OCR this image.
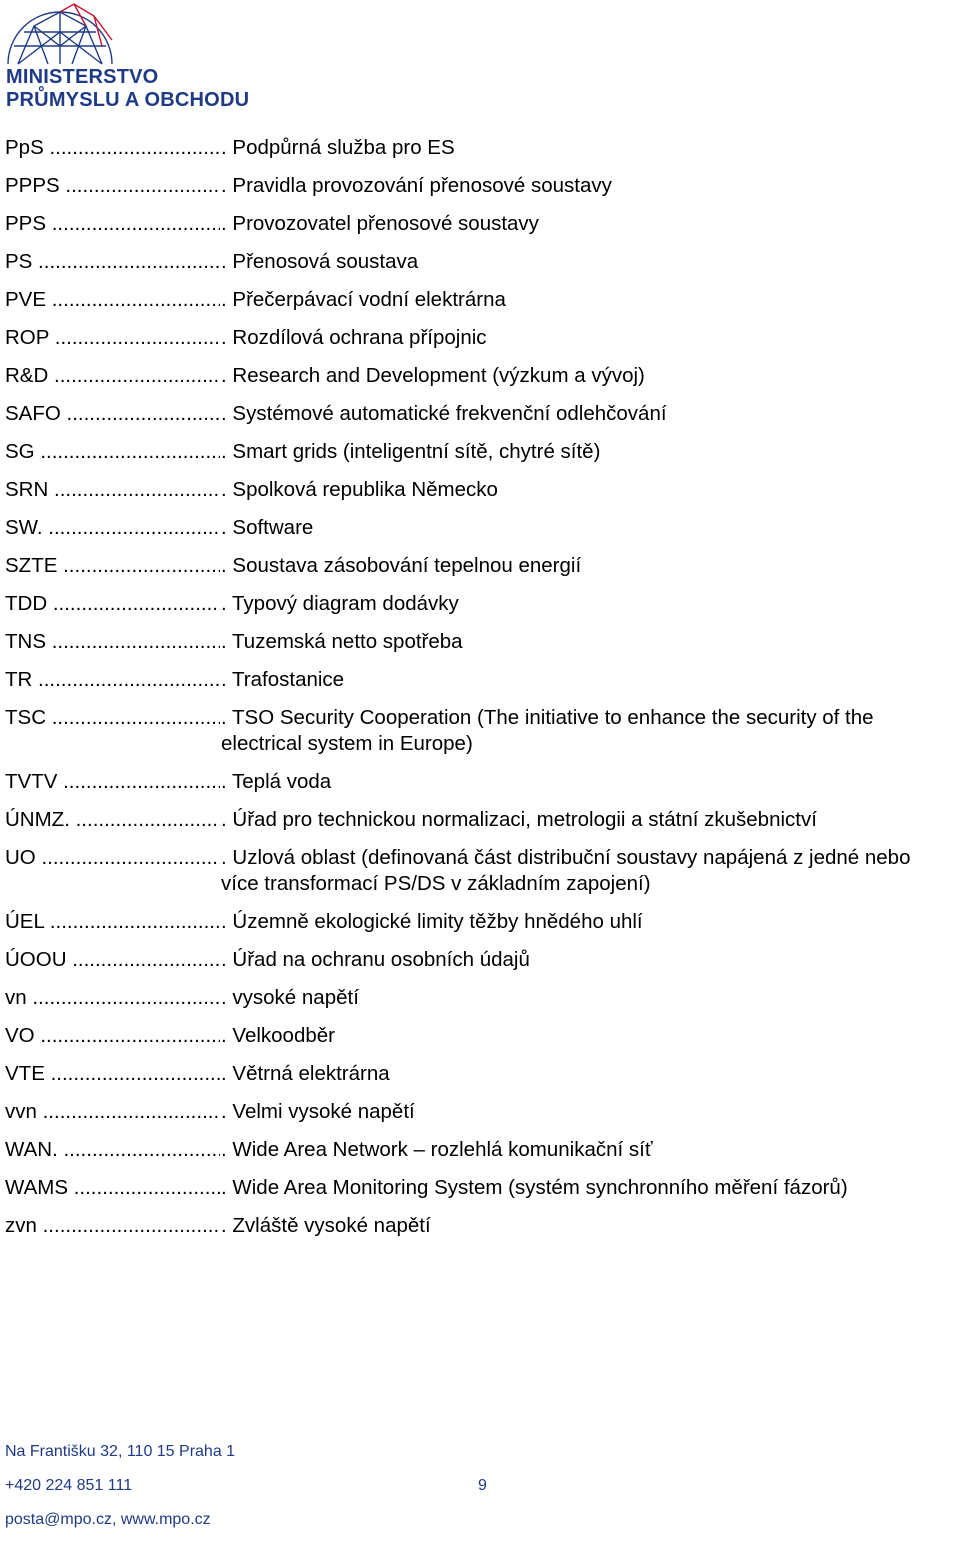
MINISTERSTVO
PRŮMYSLU A OBCHODU
PpS .....	. Podpůrná služba pro ES
PPPS .....	. Pravidla provozování přenosové soustavy
PPS .....	. Provozovatel přenosové soustavy
PS .....	. Přenosová soustava
PVE .....	. Přečerpávací vodní elektrárna
ROP .....	. Rozdílová ochrana přípojnic
R&D .....	. Research and Development (výzkum a vývoj)
SAFO .....	. Systémové automatické frekvenční odlehčování
SG .....	. Smart grids (inteligentní sítě, chytré sítě)
SRN .....	. Spolková republika Německo
SW. .....	. Software
SZTE .....	. Soustava zásobování tepelnou energií
TDD .....	. Typový diagram dodávky
TNS .....	. Tuzemská netto spotřeba
TR .....	. Trafostanice
TSC .....	. TSO Security Cooperation (The initiative to enhance the security of the electrical system in Europe)
TVTV .....	. Teplá voda
ÚNMZ. .....	. Úřad pro technickou normalizaci, metrologii a státní zkušebnictví
UO .....	. Uzlová oblast (definovaná část distribuční soustavy napájená z jedné nebo více transformací PS/DS v základním zapojení)
ÚEL .....	. Územně ekologické limity těžby hnědého uhlí
ÚOOU .....	. Úřad na ochranu osobních údajů
vn .....	. vysoké napětí
VO .....	. Velkoodběr
VTE .....	. Větrná elektrárna
vvn .....	. Velmi vysoké napětí
WAN. .....	. Wide Area Network – rozlehlá komunikační síť
WAMS .....	. Wide Area Monitoring System (systém synchronního měření fázorů)
zvn .....	. Zvláště vysoké napětí
Na Františku 32, 110 15 Praha 1
+420 224 851 111	9
posta@mpo.cz, www.mpo.cz
